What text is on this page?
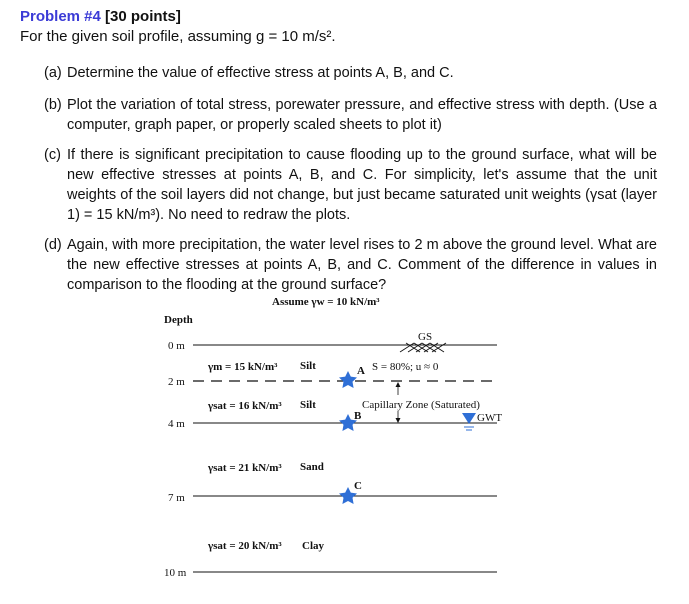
Problem #4 [30 points]
For the given soil profile, assuming g = 10 m/s².
(a) Determine the value of effective stress at points A, B, and C.
(b) Plot the variation of total stress, porewater pressure, and effective stress with depth. (Use a computer, graph paper, or properly scaled sheets to plot it)
(c) If there is significant precipitation to cause flooding up to the ground surface, what will be new effective stresses at points A, B, and C. For simplicity, let's assume that the unit weights of the soil layers did not change, but just became saturated unit weights (γsat (layer 1) = 15 kN/m³). No need to redraw the plots.
(d) Again, with more precipitation, the water level rises to 2 m above the ground level. What are the new effective stresses at points A, B, and C. Comment of the difference in values in comparison to the flooding at the ground surface?
Assume γw = 10 kN/m³
Depth
0 m
2 m
4 m
7 m
10 m
GS
γm = 15 kN/m³ Silt	S = 80%; u ≈ 0
γsat = 16 kN/m³ Silt	Capillary Zone (Saturated)
γsat = 21 kN/m³ Sand
γsat = 20 kN/m³ Clay
A
B
C
GWT
